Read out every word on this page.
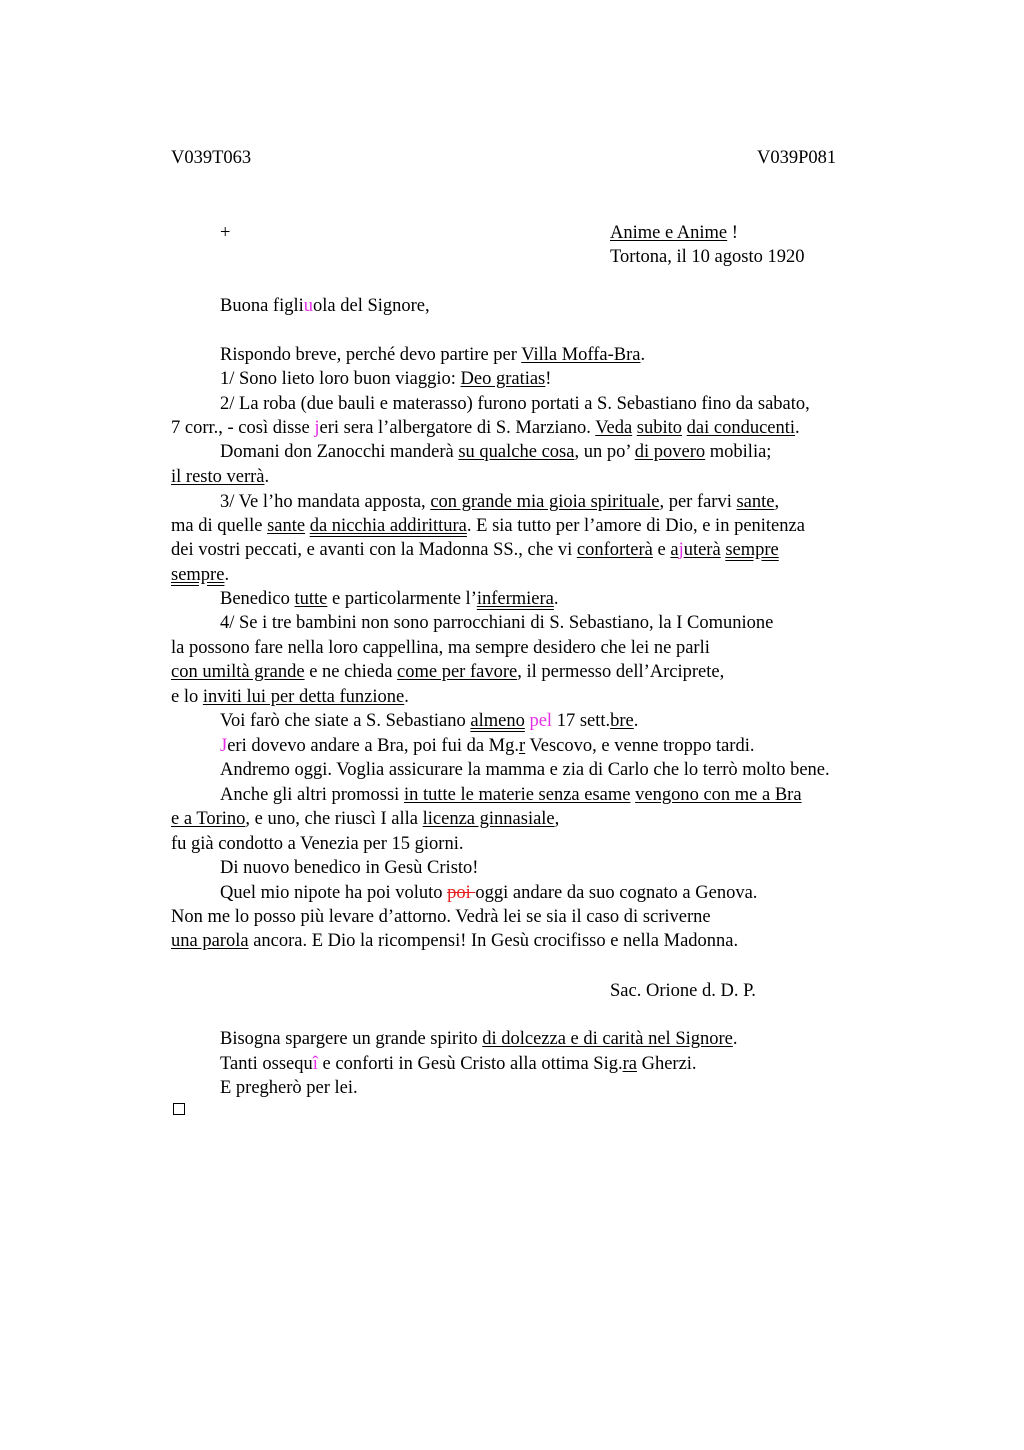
V039T063	V039P081
+	Anime e Anime !
Tortona, il 10 agosto 1920
Buona figliuola del Signore,
Rispondo breve, perché devo partire per Villa Moffa-Bra.
1/ Sono lieto loro buon viaggio: Deo gratias!
2/ La roba (due bauli e materasso) furono portati a S. Sebastiano fino da sabato,
7 corr., - così disse jeri sera l’albergatore di S. Marziano. Veda subito dai conducenti.
Domani don Zanocchi manderà su qualche cosa, un po’ di povero mobilia;
il resto verrà.
3/ Ve l’ho mandata apposta, con grande mia gioia spirituale, per farvi sante,
ma di quelle sante da nicchia addirittura. E sia tutto per l’amore di Dio, e in penitenza
dei vostri peccati, e avanti con la Madonna SS., che vi conforterà e ajuterà sempre
sempre.
Benedico tutte e particolarmente l’infermiera.
4/ Se i tre bambini non sono parrocchiani di S. Sebastiano, la I Comunione
la possono fare nella loro cappellina, ma sempre desidero che lei ne parli
con umiltà grande e ne chieda come per favore, il permesso dell’Arciprete,
e lo inviti lui per detta funzione.
Voi farò che siate a S. Sebastiano almeno pel 17 sett.bre.
Jeri dovevo andare a Bra, poi fui da Mg.r Vescovo, e venne troppo tardi.
Andremo oggi. Voglia assicurare la mamma e zia di Carlo che lo terrò molto bene.
Anche gli altri promossi in tutte le materie senza esame vengono con me a Bra
e a Torino, e uno, che riuscì I alla licenza ginnasiale,
fu già condotto a Venezia per 15 giorni.
Di nuovo benedico in Gesù Cristo!
Quel mio nipote ha poi voluto poi oggi andare da suo cognato a Genova.
Non me lo posso più levare d’attorno. Vedrà lei se sia il caso di scriverne
una parola ancora. E Dio la ricompensi! In Gesù crocifisso e nella Madonna.
Sac. Orione d. D. P.
Bisogna spargere un grande spirito di dolcezza e di carità nel Signore.
Tanti ossequî e conforti in Gesù Cristo alla ottima Sig.ra Gherzi.
E pregherò per lei.
